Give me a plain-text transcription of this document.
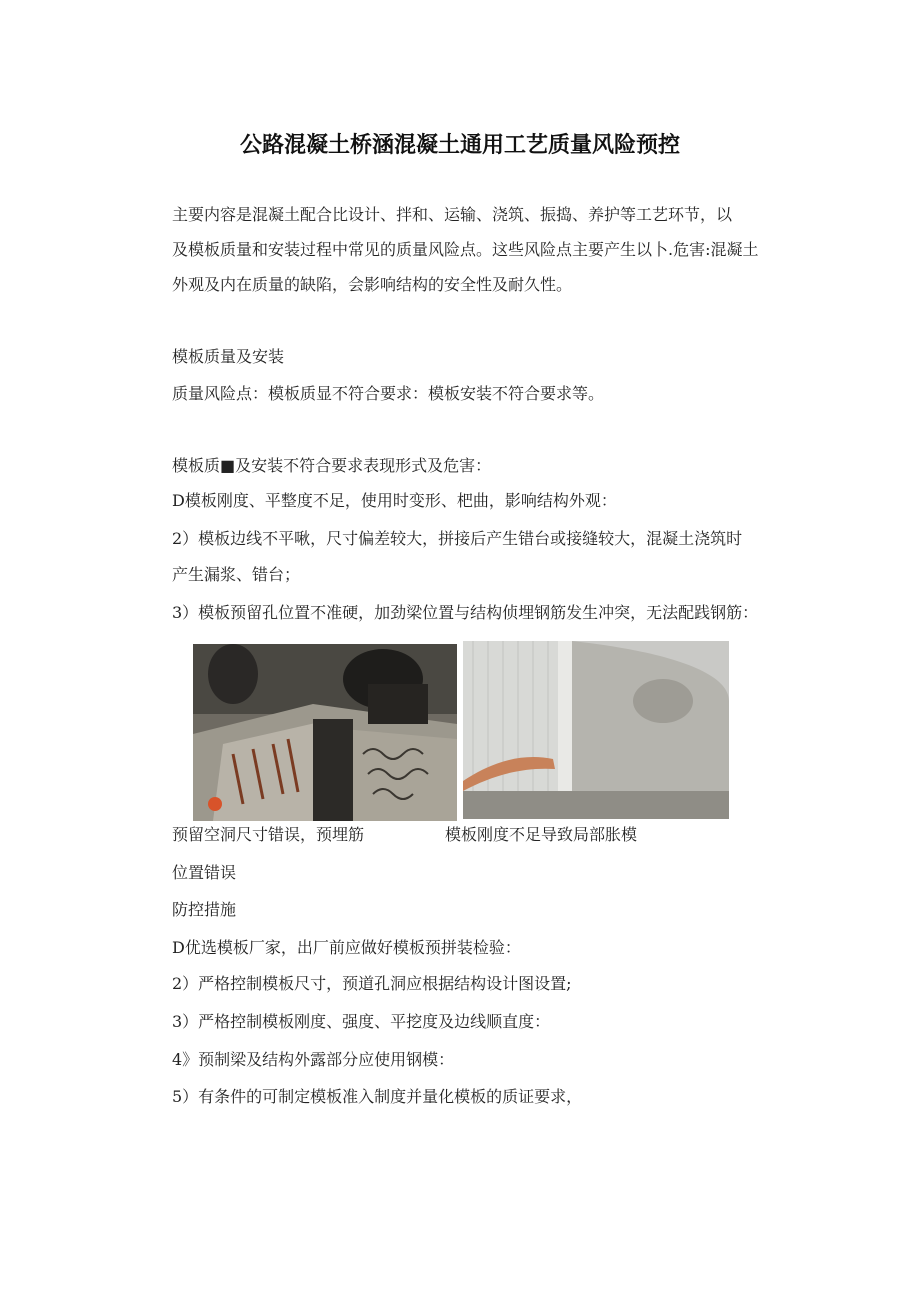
公路混凝土桥涵混凝土通用工艺质量风险预控
主要内容是混凝土配合比设计、拌和、运输、浇筑、振捣、养护等工艺环节，以
及模板质量和安装过程中常见的质量风险点。这些风险点主要产生以卜.危害:混凝土
外观及内在质量的缺陷，会影响结构的安全性及耐久性。
模板质量及安装
质量风险点：模板质显不符合要求：模板安装不符合要求等。
模板质■及安装不符合要求表现形式及危害：
D模板刚度、平整度不足，使用时变形、杷曲，影响结构外观：
2）模板边线不平啾，尺寸偏差较大，拼接后产生错台或接缝较大，混凝土浇筑时
产生漏浆、错台；
3）模板预留孔位置不准硬，加劲梁位置与结构侦埋钢筋发生冲突，无法配践钢筋：
预留空洞尺寸错误，预埋筋	模板刚度不足导致局部胀模
位置错误
防控措施
D优选模板厂家，出厂前应做好模板预拼装检验：
2）严格控制模板尺寸，预道孔洞应根据结构设计图设置;
3）严格控制模板刚度、强度、平挖度及边线顺直度：
4》预制梁及结构外露部分应使用钢模：
5）有条件的可制定模板准入制度并量化模板的质证要求，
